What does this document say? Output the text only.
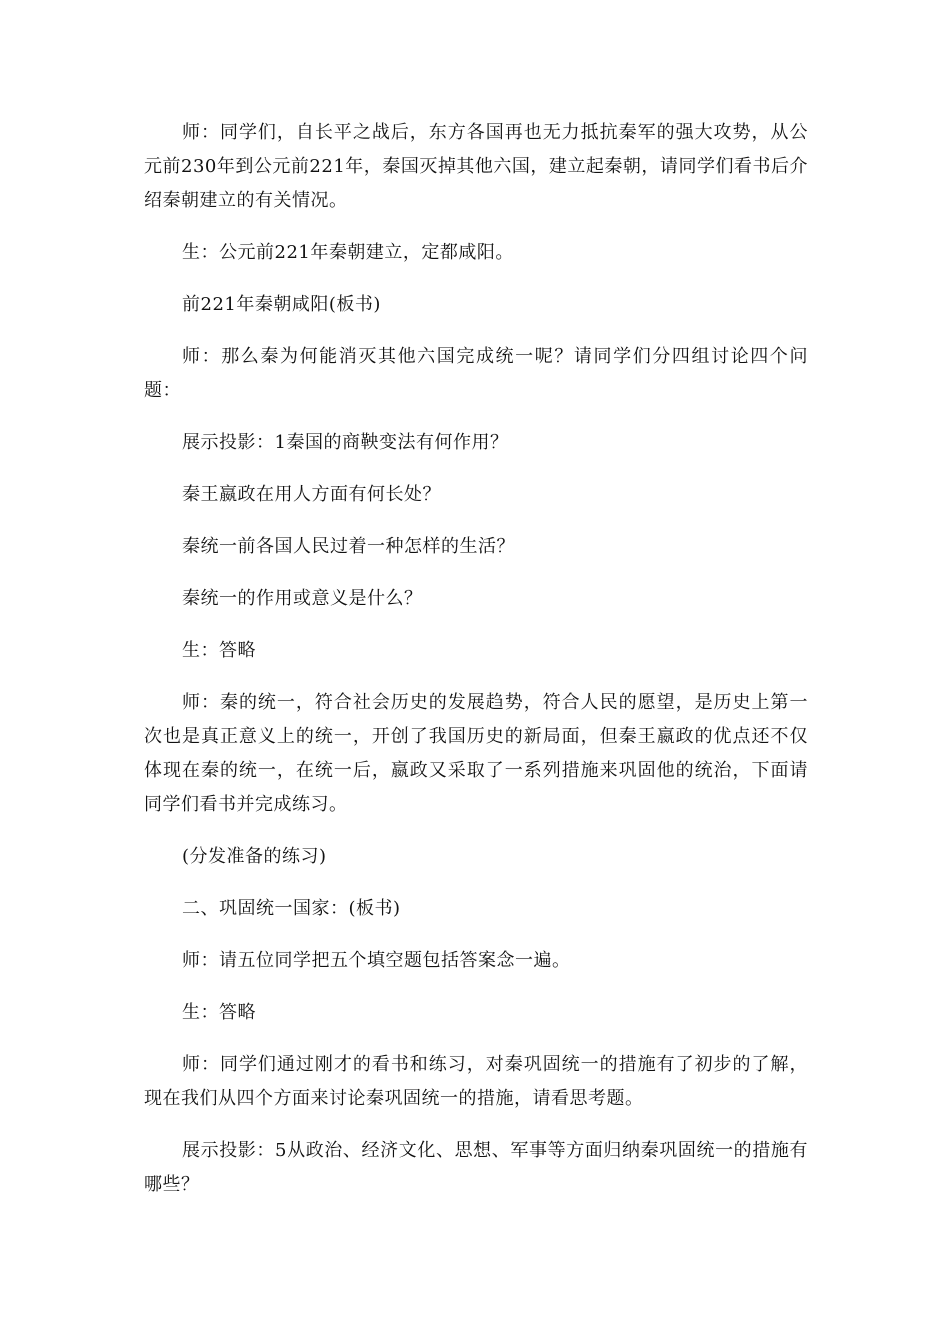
师：同学们，自长平之战后，东方各国再也无力抵抗秦军的强大攻势，从公元前230年到公元前221年，秦国灭掉其他六国，建立起秦朝，请同学们看书后介绍秦朝建立的有关情况。

生：公元前221年秦朝建立，定都咸阳。

前221年秦朝咸阳(板书)

师：那么秦为何能消灭其他六国完成统一呢？请同学们分四组讨论四个问题：

展示投影：1秦国的商鞅变法有何作用？

秦王嬴政在用人方面有何长处？

秦统一前各国人民过着一种怎样的生活？

秦统一的作用或意义是什么？

生：答略

师：秦的统一，符合社会历史的发展趋势，符合人民的愿望，是历史上第一次也是真正意义上的统一，开创了我国历史的新局面，但秦王嬴政的优点还不仅体现在秦的统一，在统一后，嬴政又采取了一系列措施来巩固他的统治，下面请同学们看书并完成练习。

(分发准备的练习)

二、巩固统一国家：(板书)

师：请五位同学把五个填空题包括答案念一遍。

生：答略

师：同学们通过刚才的看书和练习，对秦巩固统一的措施有了初步的了解，现在我们从四个方面来讨论秦巩固统一的措施，请看思考题。

展示投影：5从政治、经济文化、思想、军事等方面归纳秦巩固统一的措施有哪些？
